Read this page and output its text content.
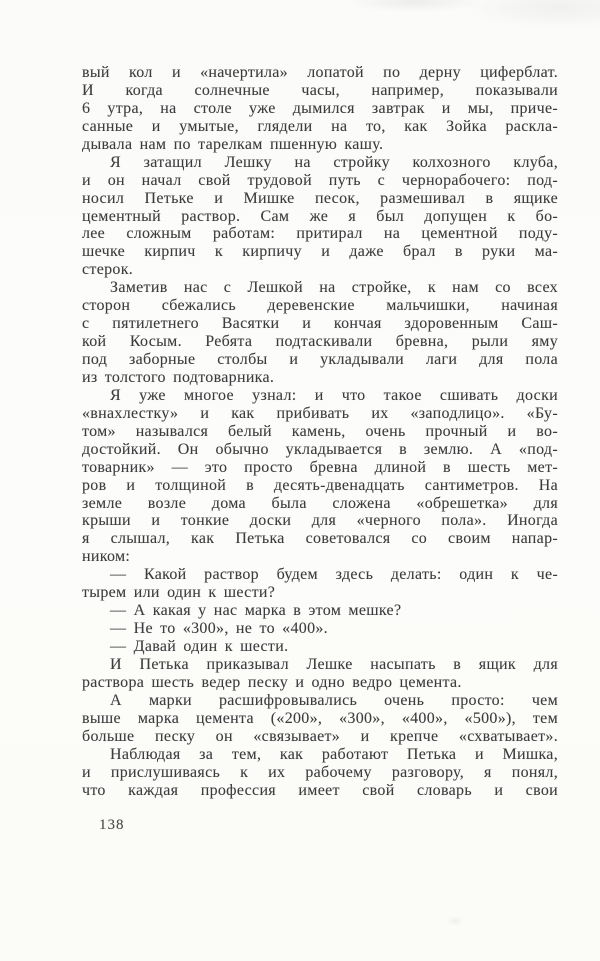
вый кол и «начертила» лопатой по дерну циферблат.
И когда солнечные часы, например, показывали
6 утра, на столе уже дымился завтрак и мы, приче-
санные и умытые, глядели на то, как Зойка раскла-
дывала нам по тарелкам пшенную кашу.
Я затащил Лешку на стройку колхозного клуба,
и он начал свой трудовой путь с чернорабочего: под-
носил Петьке и Мишке песок, размешивал в ящике
цементный раствор. Сам же я был допущен к бо-
лее сложным работам: притирал на цементной поду-
шечке кирпич к кирпичу и даже брал в руки ма-
стерок.
Заметив нас с Лешкой на стройке, к нам со всех
сторон сбежались деревенские мальчишки, начиная
с пятилетнего Васятки и кончая здоровенным Саш-
кой Косым. Ребята подтаскивали бревна, рыли яму
под заборные столбы и укладывали лаги для пола
из толстого подтоварника.
Я уже многое узнал: и что такое сшивать доски
«внахлестку» и как прибивать их «заподлицо». «Бу-
том» назывался белый камень, очень прочный и во-
достойкий. Он обычно укладывается в землю. А «под-
товарник» — это просто бревна длиной в шесть мет-
ров и толщиной в десять-двенадцать сантиметров. На
земле возле дома была сложена «обрешетка» для
крыши и тонкие доски для «черного пола». Иногда
я слышал, как Петька советовался со своим напар-
ником:
— Какой раствор будем здесь делать: один к че-
тырем или один к шести?
— А какая у нас марка в этом мешке?
— Не то «300», не то «400».
— Давай один к шести.
И Петька приказывал Лешке насыпать в ящик для
раствора шесть ведер песку и одно ведро цемента.
А марки расшифровывались очень просто: чем
выше марка цемента («200», «300», «400», «500»), тем
больше песку он «связывает» и крепче «схватывает».
Наблюдая за тем, как работают Петька и Мишка,
и прислушиваясь к их рабочему разговору, я понял,
что каждая профессия имеет свой словарь и свои
138
